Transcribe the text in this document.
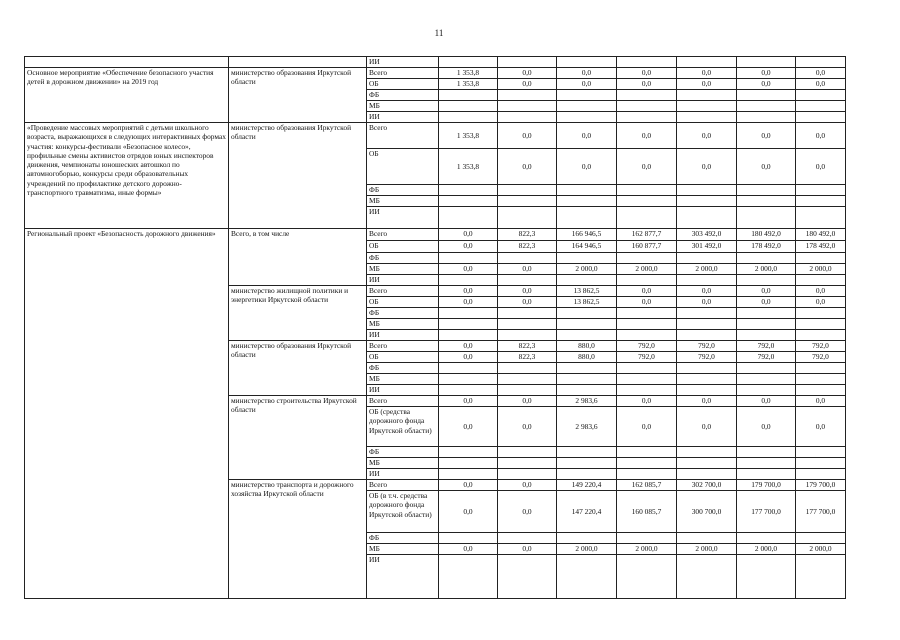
11
		ИИ							
Основное мероприятие «Обеспечение безопасного участия детей в дорожном движении» на 2019 год	министерство образования Иркутской области	Всего	1 353,8	0,0	0,0	0,0	0,0	0,0	0,0
		ОБ	1 353,8	0,0	0,0	0,0	0,0	0,0	0,0
		ФБ							
		МБ							
		ИИ							
«Проведение массовых мероприятий с детьми школьного возраста, выражающихся в следующих интерактивных формах участия: конкурсы-фестивали «Безопасное колесо», профильные смены активистов отрядов юных инспекторов движения, чемпионаты юношеских автошкол по автомногоборью, конкурсы среди образовательных учреждений по профилактике детского дорожно-транспортного травматизма, иные формы»	министерство образования Иркутской области	Всего	1 353,8	0,0	0,0	0,0	0,0	0,0	0,0
		ОБ	1 353,8	0,0	0,0	0,0	0,0	0,0	0,0
		ФБ							
		МБ							
		ИИ							
Региональный проект «Безопасность дорожного движения»	Всего, в том числе	Всего	0,0	822,3	166 946,5	162 877,7	303 492,0	180 492,0	180 492,0
		ОБ	0,0	822,3	164 946,5	160 877,7	301 492,0	178 492,0	178 492,0
		ФБ							
		МБ	0,0	0,0	2 000,0	2 000,0	2 000,0	2 000,0	2 000,0
		ИИ							
	министерство жилищной политики и энергетики Иркутской области	Всего	0,0	0,0	13 862,5	0,0	0,0	0,0	0,0
		ОБ	0,0	0,0	13 862,5	0,0	0,0	0,0	0,0
		ФБ							
		МБ							
		ИИ							
	министерство образования Иркутской области	Всего	0,0	822,3	880,0	792,0	792,0	792,0	792,0
		ОБ	0,0	822,3	880,0	792,0	792,0	792,0	792,0
		ФБ							
		МБ							
		ИИ							
	министерство строительства Иркутской области	Всего	0,0	0,0	2 983,6	0,0	0,0	0,0	0,0
		ОБ (средства дорожного фонда Иркутской области)	0,0	0,0	2 983,6	0,0	0,0	0,0	0,0
		ФБ							
		МБ							
		ИИ							
	министерство транспорта и дорожного хозяйства Иркутской области	Всего	0,0	0,0	149 220,4	162 085,7	302 700,0	179 700,0	179 700,0
		ОБ (в т.ч. средства дорожного фонда Иркутской области)	0,0	0,0	147 220,4	160 085,7	300 700,0	177 700,0	177 700,0
		ФБ							
		МБ	0,0	0,0	2 000,0	2 000,0	2 000,0	2 000,0	2 000,0
		ИИ							
